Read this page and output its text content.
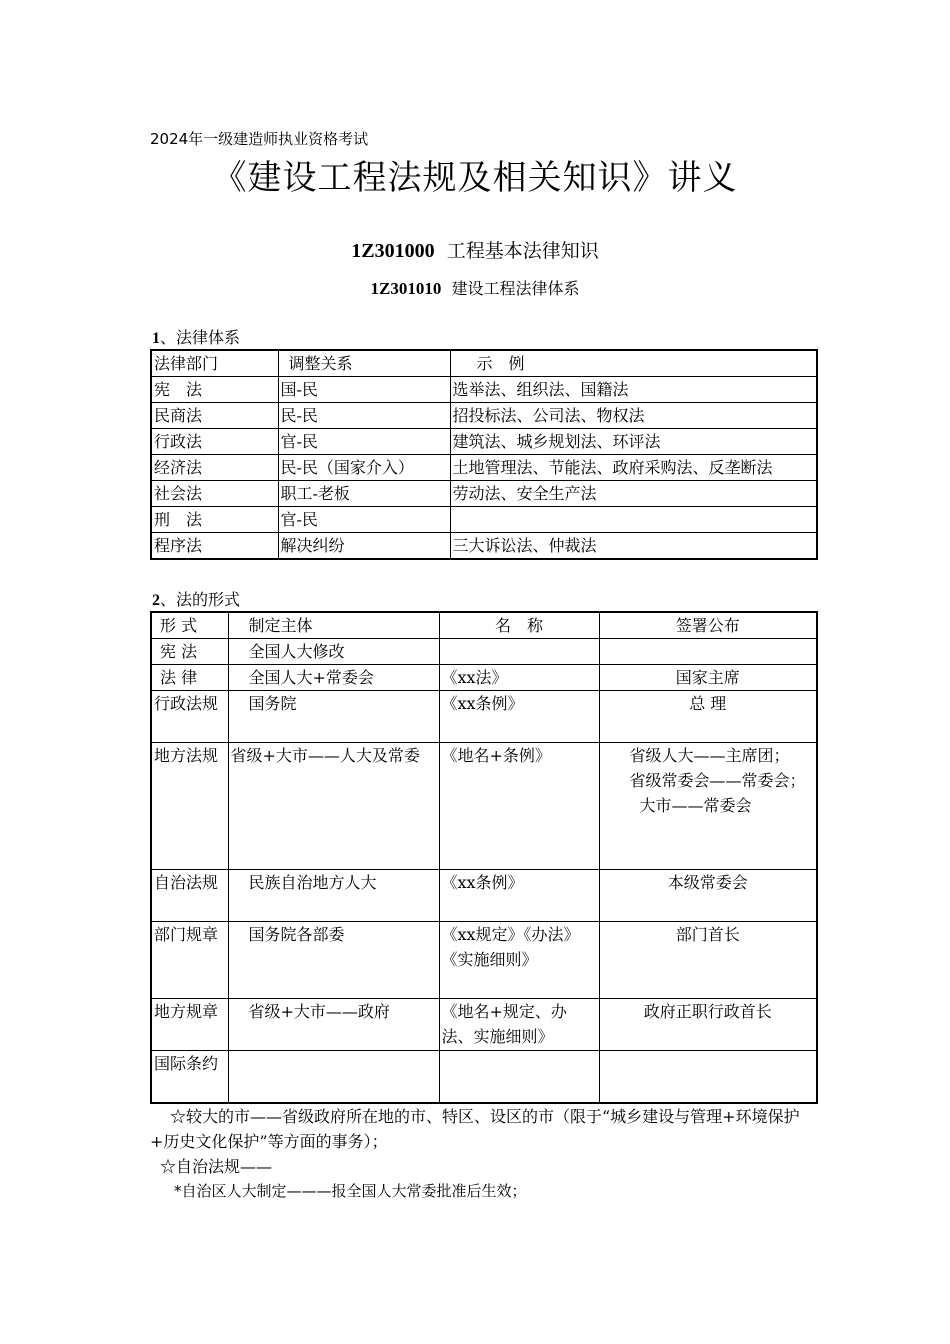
2024年一级建造师执业资格考试
《建设工程法规及相关知识》讲义
1Z301000 工程基本法律知识
1Z301010 建设工程法律体系
1、法律体系
法律部门	调整关系	示　例
宪　法	国-民	选举法、组织法、国籍法
民商法	民-民	招投标法、公司法、物权法
行政法	官-民	建筑法、城乡规划法、环评法
经济法	民-民（国家介入）	土地管理法、节能法、政府采购法、反垄断法
社会法	职工-老板	劳动法、安全生产法
刑　法	官-民	
程序法	解决纠纷	三大诉讼法、仲裁法
2、法的形式
形 式	制定主体	名　称	签署公布
宪 法	全国人大修改		
法 律	全国人大+常委会	《xx法》	国家主席
行政法规	国务院	《xx条例》	总 理
地方法规	省级+大市——人大及常委	《地名+条例》	省级人大——主席团；
省级常委会——常委会；
大市——常委会

自治法规	民族自治地方人大	《xx条例》	本级常委会
部门规章	国务院各部委	《xx规定》《办法》
《实施细则》	部门首长
地方规章	省级+大市——政府	《地名+规定、办法、实施细则》	政府正职行政首长
国际条约			

☆较大的市——省级政府所在地的市、特区、设区的市（限于“城乡建设与管理+环境保护+历史文化保护”等方面的事务）；

☆自治法规——

*自治区人大制定———报全国人大常委批准后生效；
